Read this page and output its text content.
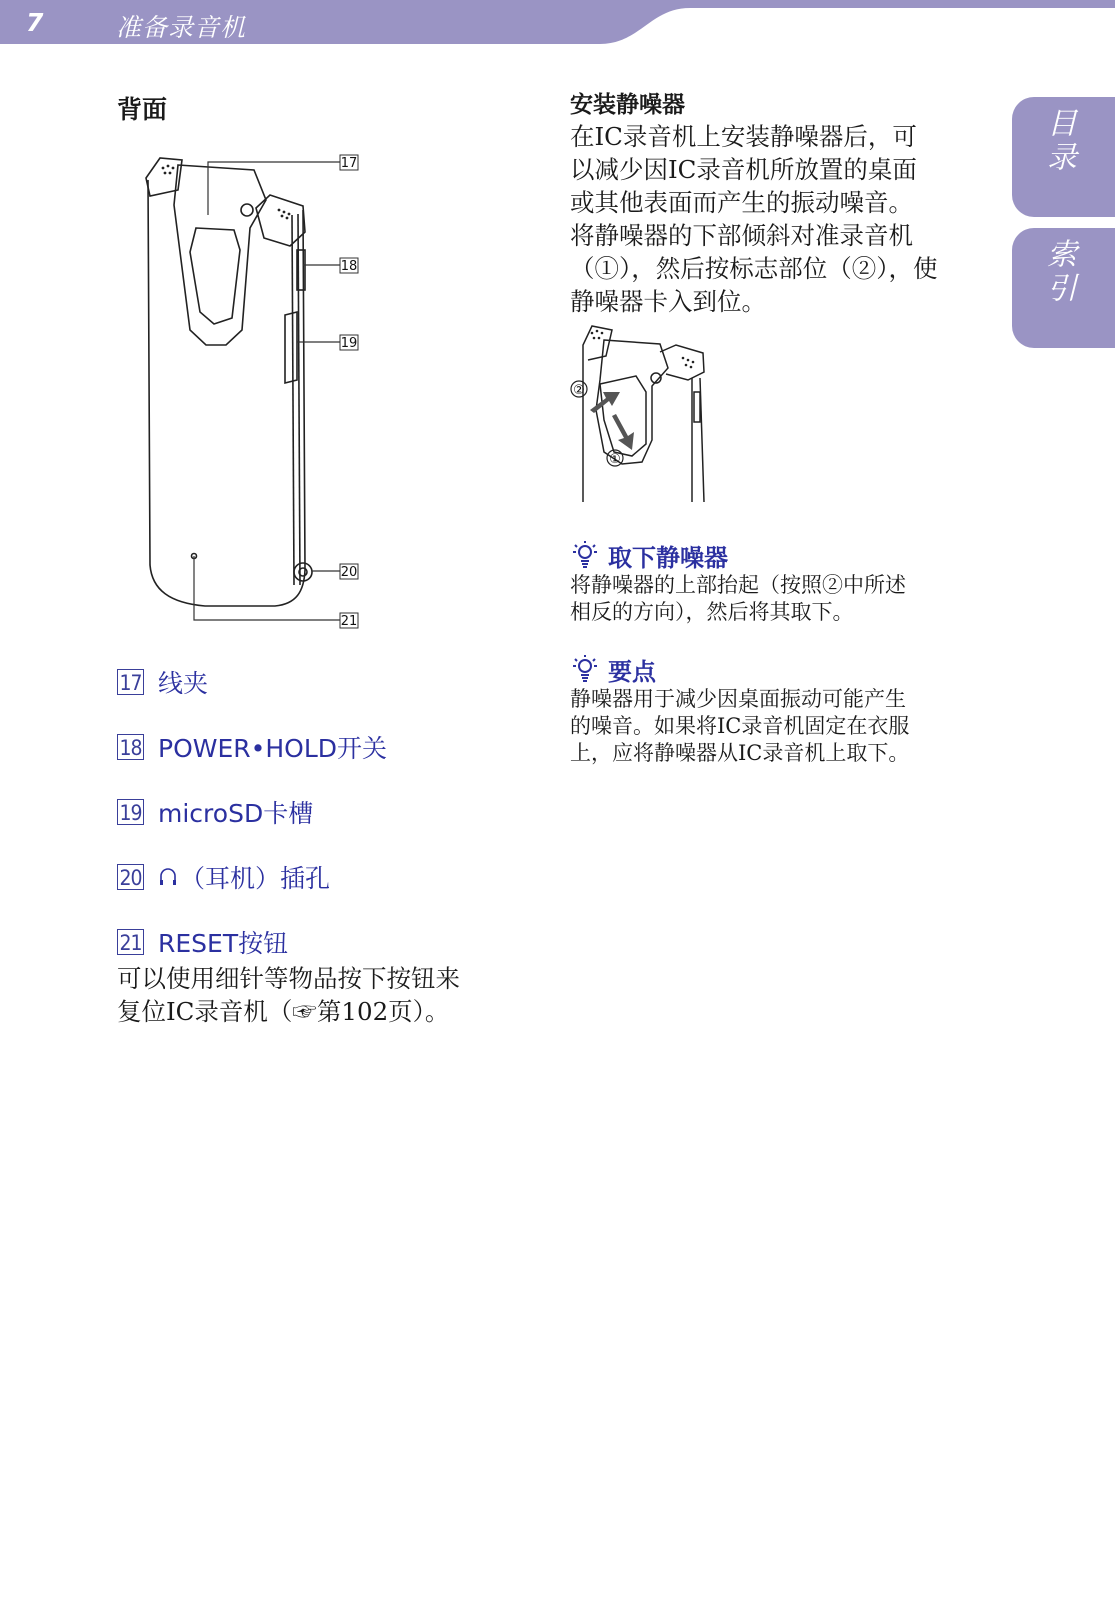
7	准备录音机
目录
索引
背面
17
18
19
20
21
17 线夹
18 POWER•HOLD开关
19 microSD卡槽
20 （耳机）插孔
21 RESET按钮

可以使用细针等物品按下按钮来

复位IC录音机（☞第102页）。

安装静噪器

在IC录音机上安装静噪器后，可

以减少因IC录音机所放置的桌面

或其他表面而产生的振动噪音。

将静噪器的下部倾斜对准录音机

（①），然后按标志部位（②），使

静噪器卡入到位。

②
①
取下静噪器

将静噪器的上部抬起（按照②中所述

相反的方向），然后将其取下。

要点

静噪器用于减少因桌面振动可能产生

的噪音。如果将IC录音机固定在衣服

上，应将静噪器从IC录音机上取下。
